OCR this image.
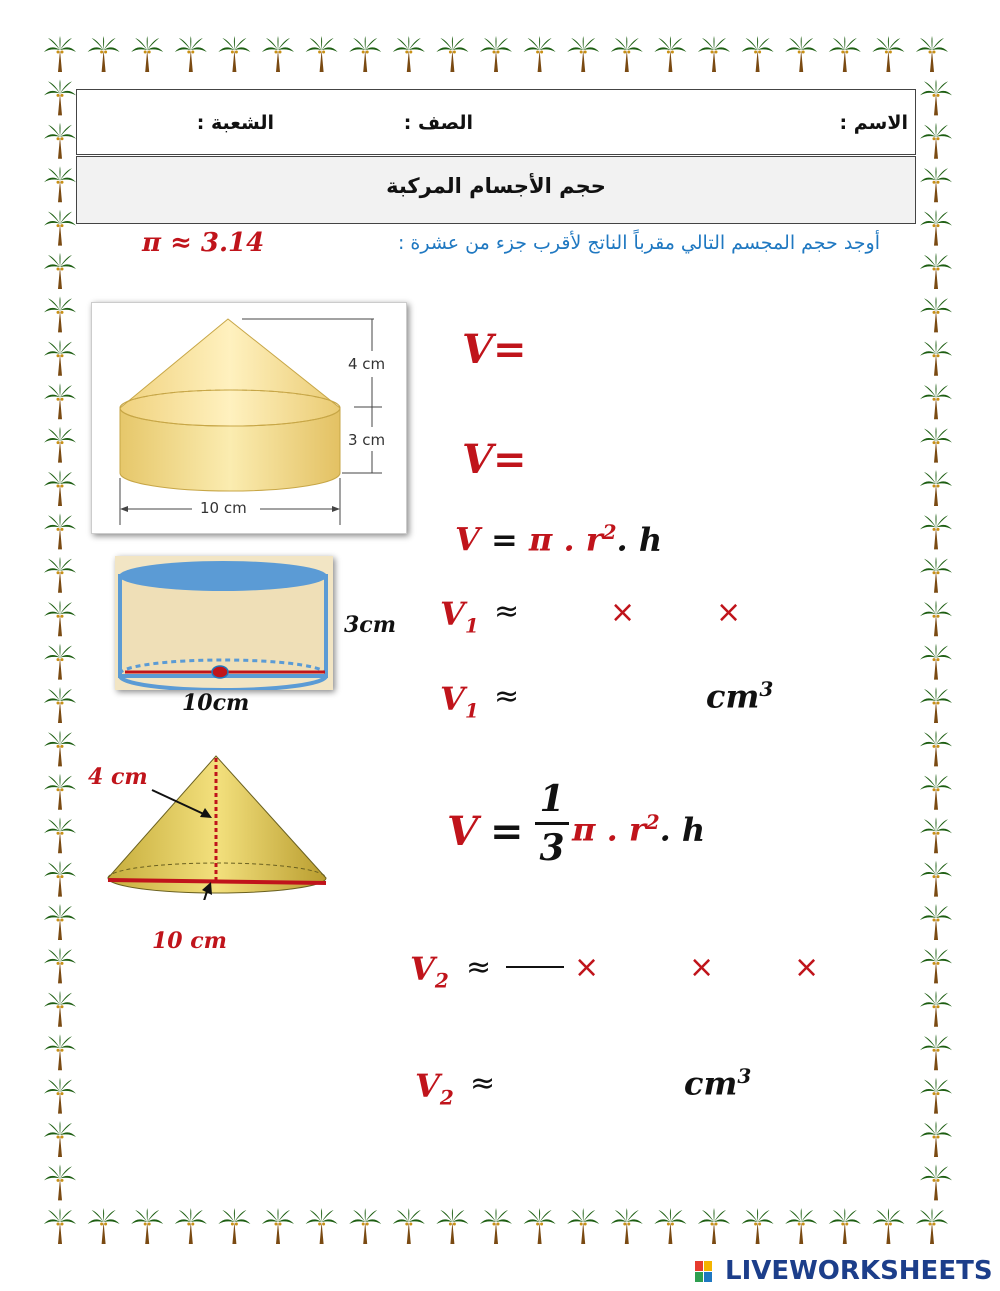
الاسم :
الصف :
الشعبة :
حجم الأجسام المركبة
أوجد حجم المجسم التالي مقرباً الناتج لأقرب جزء من عشرة :
π ≈ 3.14
4 cm
3 cm
10 cm
3cm
10cm
4 cm
10 cm
V=
V=
V = π . $r^2$. h
$V_1$ ≈	×	×
$V_1$ ≈	$cm^3$
V =
1
3 π . $r^2$. h
$V_2$ ≈	×	×	×
$V_2$ ≈	$cm^3$
LIVEWORKSHEETS
